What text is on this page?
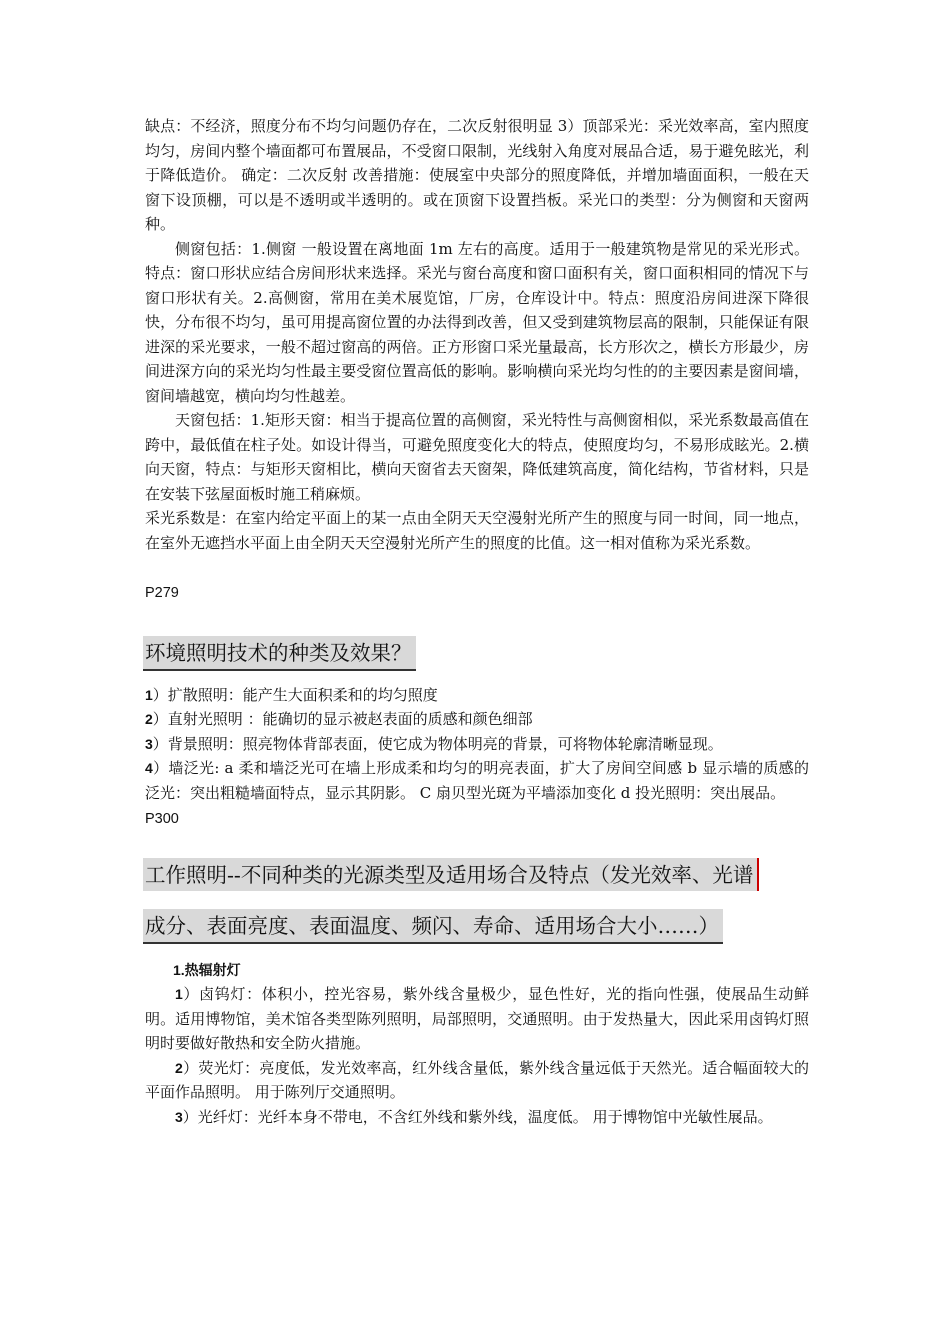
缺点：不经济，照度分布不均匀问题仍存在，二次反射很明显 3）顶部采光：采光效率高，室内照度均匀，房间内整个墙面都可布置展品，不受窗口限制，光线射入角度对展品合适，易于避免眩光，利于降低造价。 确定：二次反射 改善措施：使展室中央部分的照度降低，并增加墙面面积，一般在天窗下设顶棚，可以是不透明或半透明的。或在顶窗下设置挡板。采光口的类型：分为侧窗和天窗两种。

侧窗包括：1.侧窗 一般设置在离地面 1m 左右的高度。适用于一般建筑物是常见的采光形式。 特点：窗口形状应结合房间形状来选择。采光与窗台高度和窗口面积有关，窗口面积相同的情况下与窗口形状有关。2.高侧窗，常用在美术展览馆，厂房，仓库设计中。特点：照度沿房间进深下降很快，分布很不均匀，虽可用提高窗位置的办法得到改善，但又受到建筑物层高的限制，只能保证有限进深的采光要求，一般不超过窗高的两倍。正方形窗口采光量最高，长方形次之，横长方形最少，房间进深方向的采光均匀性最主要受窗位置高低的影响。影响横向采光均匀性的的主要因素是窗间墙，窗间墙越宽，横向均匀性越差。

天窗包括：1.矩形天窗：相当于提高位置的高侧窗，采光特性与高侧窗相似，采光系数最高值在跨中，最低值在柱子处。如设计得当，可避免照度变化大的特点，使照度均匀，不易形成眩光。2.横向天窗，特点：与矩形天窗相比，横向天窗省去天窗架，降低建筑高度，简化结构，节省材料，只是在安装下弦屋面板时施工稍麻烦。

采光系数是：在室内给定平面上的某一点由全阴天天空漫射光所产生的照度与同一时间，同一地点，在室外无遮挡水平面上由全阴天天空漫射光所产生的照度的比值。这一相对值称为采光系数。

P279

环境照明技术的种类及效果？

1）扩散照明：能产生大面积柔和的均匀照度

2）直射光照明 ：能确切的显示被赵表面的质感和颜色细部

3）背景照明：照亮物体背部表面，使它成为物体明亮的背景，可将物体轮廓清晰显现。

4）墙泛光: a 柔和墙泛光可在墙上形成柔和均匀的明亮表面，扩大了房间空间感 b 显示墙的质感的泛光：突出粗糙墙面特点，显示其阴影。 C 扇贝型光斑为平墙添加变化 d 投光照明：突出展品。

P300

工作照明--不同种类的光源类型及适用场合及特点（发光效率、光谱

成分、表面亮度、表面温度、频闪、寿命、适用场合大小……）

1.热辐射灯

1）卤钨灯：体积小，控光容易，紫外线含量极少，显色性好，光的指向性强，使展品生动鲜明。适用博物馆，美术馆各类型陈列照明，局部照明，交通照明。由于发热量大，因此采用卤钨灯照明时要做好散热和安全防火措施。

2）荧光灯：亮度低，发光效率高，红外线含量低，紫外线含量远低于天然光。适合幅面较大的平面作品照明。 用于陈列厅交通照明。

3）光纤灯：光纤本身不带电，不含红外线和紫外线，温度低。 用于博物馆中光敏性展品。
